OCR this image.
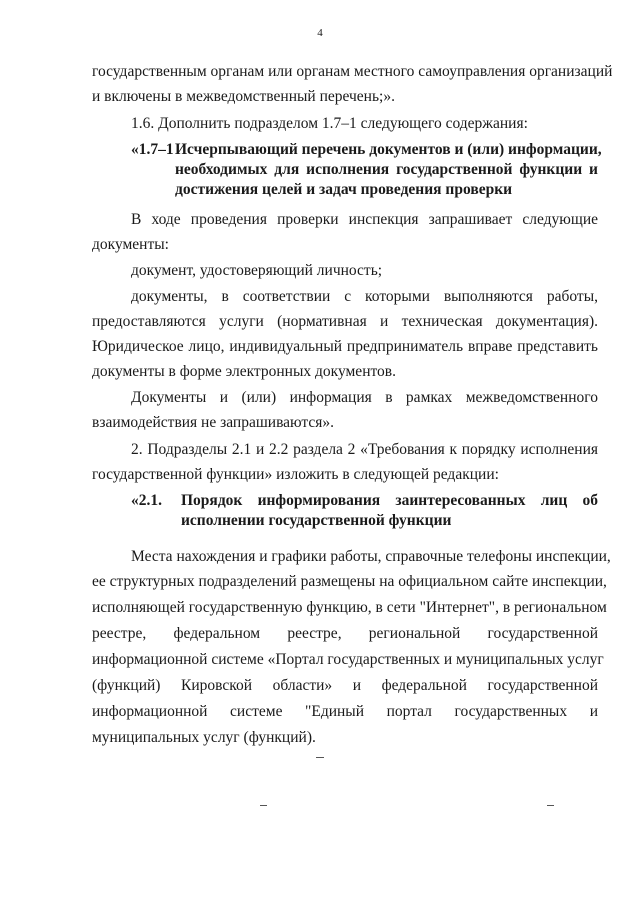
4
государственным органам или органам местного самоуправления организаций
и включены в межведомственный перечень;».
1.6. Дополнить подразделом 1.7–1 следующего содержания:
«1.7–1 Исчерпывающий перечень документов и (или) информации,
необходимых для исполнения государственной функции и
достижения целей и задач проведения проверки
В ходе проведения проверки инспекция запрашивает следующие
документы:
документ, удостоверяющий личность;
документы, в соответствии с которыми выполняются работы,
предоставляются услуги (нормативная и техническая документация).
Юридическое лицо, индивидуальный предприниматель вправе представить
документы в форме электронных документов.
Документы и (или) информация в рамках межведомственного
взаимодействия не запрашиваются».
2. Подразделы 2.1 и 2.2 раздела 2 «Требования к порядку исполнения
государственной функции» изложить в следующей редакции:
«2.1. Порядок информирования заинтересованных лиц об
исполнении государственной функции
Места нахождения и графики работы, справочные телефоны инспекции,
ее структурных подразделений размещены на официальном сайте инспекции,
исполняющей государственную функцию, в сети "Интернет", в региональном
реестре, федеральном реестре, региональной государственной
информационной системе «Портал государственных и муниципальных услуг
(функций) Кировской области» и федеральной государственной
информационной системе "Единый портал государственных и
муниципальных услуг (функций).
